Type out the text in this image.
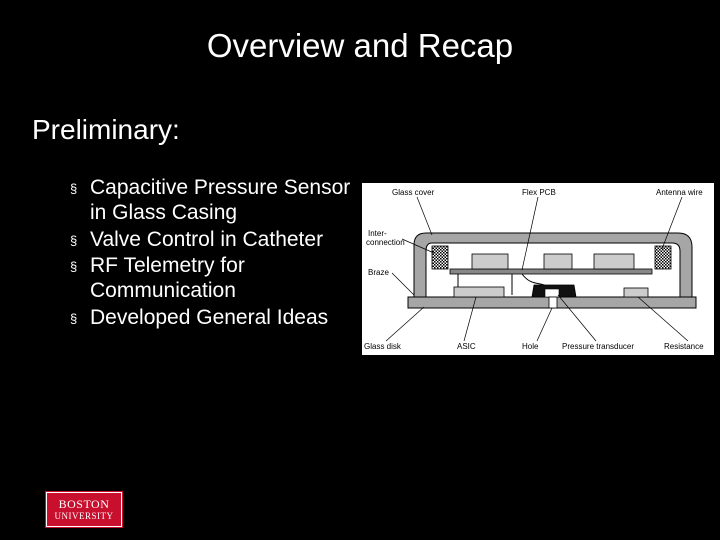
Overview and Recap
Preliminary:
§ Capacitive Pressure Sensor in Glass Casing
§ Valve Control in Catheter
§ RF Telemetry for Communication
§ Developed General Ideas
Glass cover	Flex PCB	Antenna wire
Inter-
connection
Braze
Glass disk	ASIC	Hole	Pressure transducer	Resistance
BOSTON
UNIVERSITY
